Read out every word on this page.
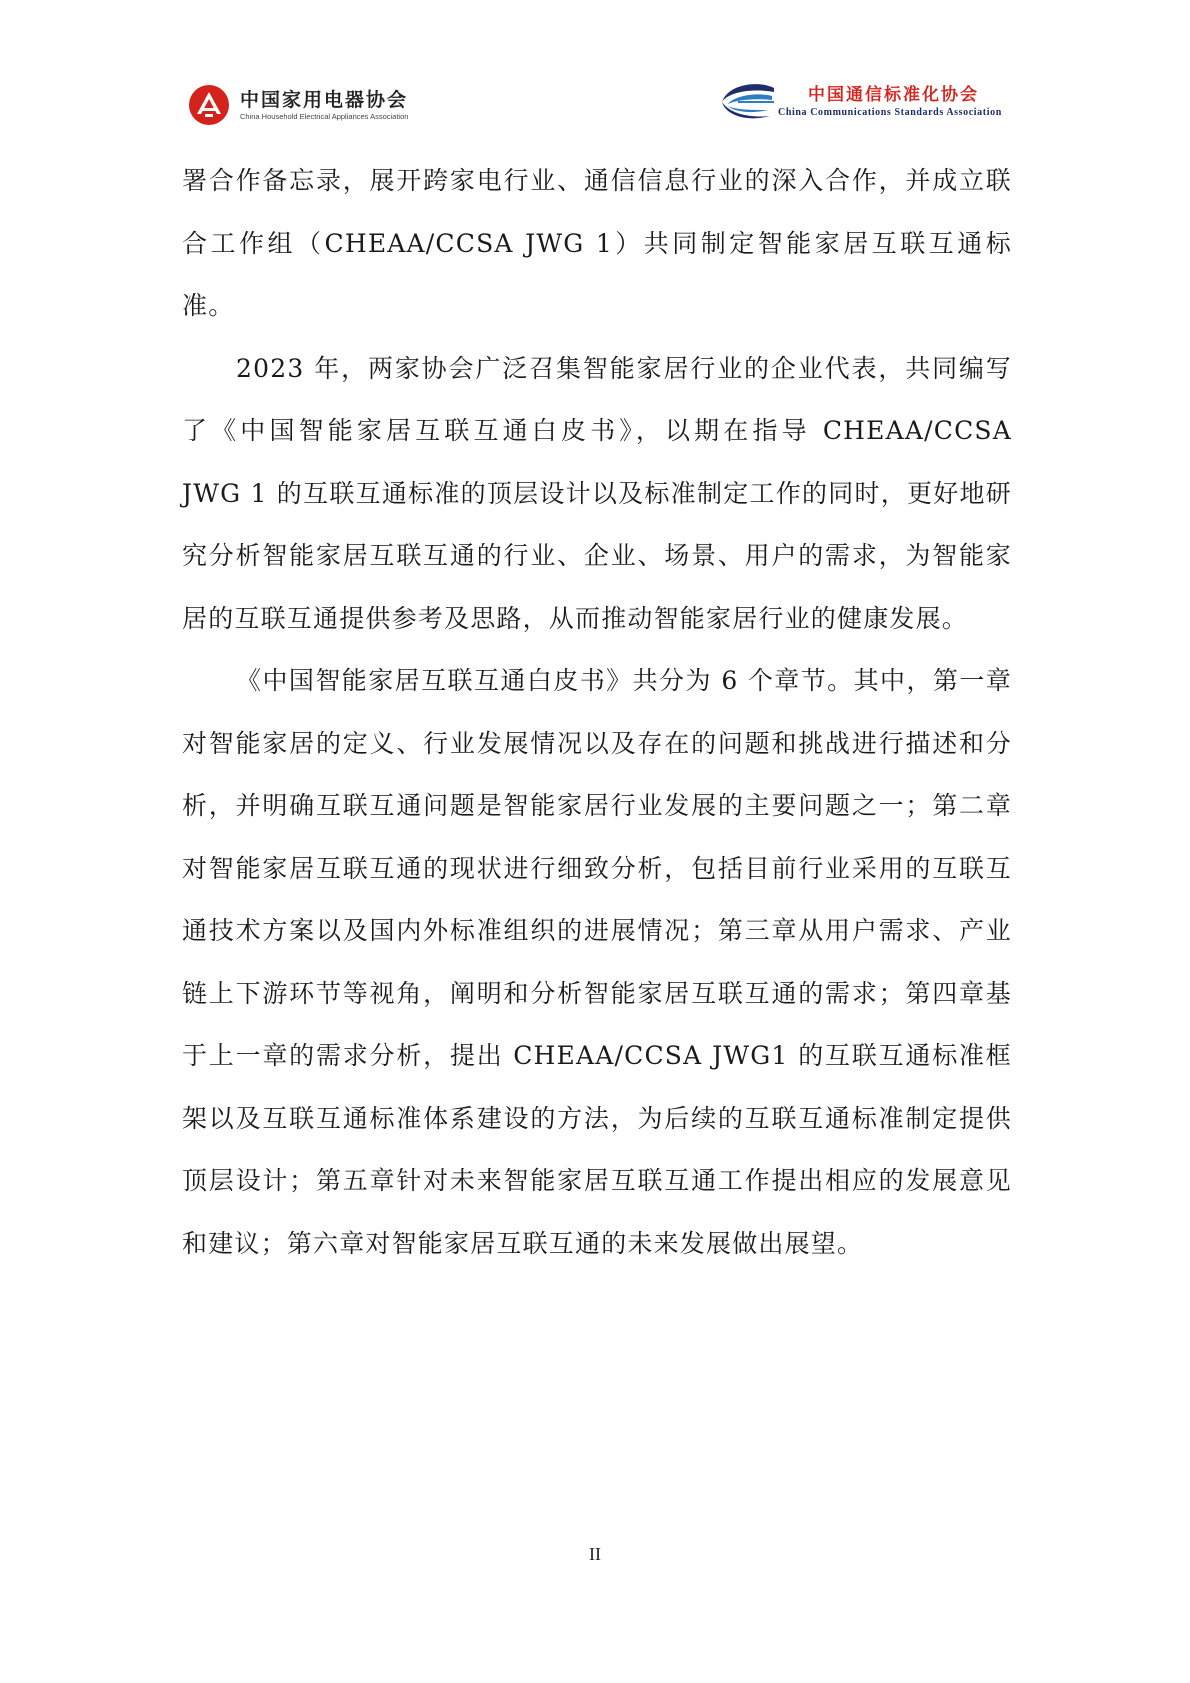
中国家用电器协会
China Household Electrical Appliances Association
中国通信标准化协会
China Communications Standards Association

署合作备忘录，展开跨家电行业、通信信息行业的深入合作，并成立联合工作组（CHEAA/CCSA JWG 1）共同制定智能家居互联互通标准。

2023 年，两家协会广泛召集智能家居行业的企业代表，共同编写了《中国智能家居互联互通白皮书》，以期在指导 CHEAA/CCSA JWG 1 的互联互通标准的顶层设计以及标准制定工作的同时，更好地研究分析智能家居互联互通的行业、企业、场景、用户的需求，为智能家居的互联互通提供参考及思路，从而推动智能家居行业的健康发展。

《中国智能家居互联互通白皮书》共分为 6 个章节。其中，第一章对智能家居的定义、行业发展情况以及存在的问题和挑战进行描述和分析，并明确互联互通问题是智能家居行业发展的主要问题之一；第二章对智能家居互联互通的现状进行细致分析，包括目前行业采用的互联互通技术方案以及国内外标准组织的进展情况；第三章从用户需求、产业链上下游环节等视角，阐明和分析智能家居互联互通的需求；第四章基于上一章的需求分析，提出 CHEAA/CCSA JWG1 的互联互通标准框架以及互联互通标准体系建设的方法，为后续的互联互通标准制定提供顶层设计；第五章针对未来智能家居互联互通工作提出相应的发展意见和建议；第六章对智能家居互联互通的未来发展做出展望。

II
